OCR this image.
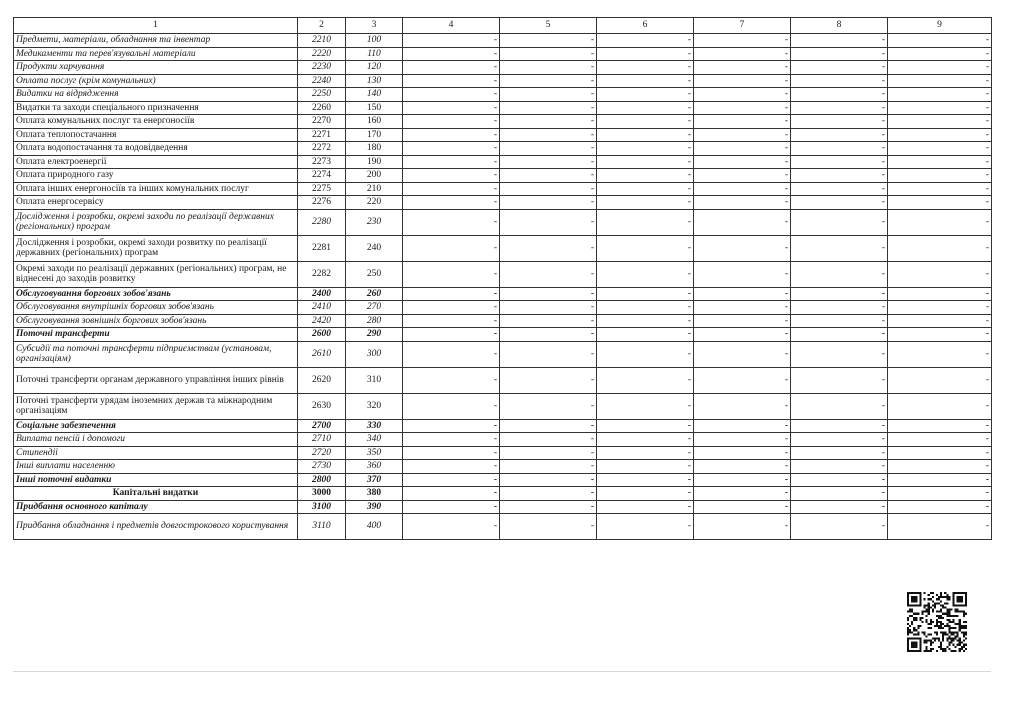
1	2	3	4	5	6	7	8	9
Предмети, матеріали, обладнання та інвентар	2210	100	-	-	-	-	-	-
Медикаменти та перев'язувальні матеріали	2220	110	-	-	-	-	-	-
Продукти харчування	2230	120	-	-	-	-	-	-
Оплата послуг (крім комунальних)	2240	130	-	-	-	-	-	-
Видатки на відрядження	2250	140	-	-	-	-	-	-
Видатки та заходи спеціального призначення	2260	150	-	-	-	-	-	-
Оплата комунальних послуг та енергоносіїв	2270	160	-	-	-	-	-	-
Оплата теплопостачання	2271	170	-	-	-	-	-	-
Оплата водопостачання та водовідведення	2272	180	-	-	-	-	-	-
Оплата електроенергії	2273	190	-	-	-	-	-	-
Оплата природного газу	2274	200	-	-	-	-	-	-
Оплата інших енергоносіїв та інших комунальних послуг	2275	210	-	-	-	-	-	-
Оплата енергосервісу	2276	220	-	-	-	-	-	-
Дослідження і розробки, окремі заходи по реалізації державних (регіональних) програм	2280	230	-	-	-	-	-	-
Дослідження і розробки, окремі заходи розвитку по реалізації державних (регіональних) програм	2281	240	-	-	-	-	-	-
Окремі заходи по реалізації державних (регіональних) програм, не віднесені до заходів розвитку	2282	250	-	-	-	-	-	-
Обслуговування боргових зобов'язань	2400	260	-	-	-	-	-	-
Обслуговування внутрішніх боргових зобов'язань	2410	270	-	-	-	-	-	-
Обслуговування зовнішніх боргових зобов'язань	2420	280	-	-	-	-	-	-
Поточні трансферти	2600	290	-	-	-	-	-	-
Субсидії та поточні трансферти підприємствам (установам, організаціям)	2610	300	-	-	-	-	-	-
Поточні трансферти органам державного управління інших рівнів	2620	310	-	-	-	-	-	-
Поточні трансферти урядам іноземних держав та міжнародним організаціям	2630	320	-	-	-	-	-	-
Соціальне забезпечення	2700	330	-	-	-	-	-	-
Виплата пенсій і допомоги	2710	340	-	-	-	-	-	-
Стипендії	2720	350	-	-	-	-	-	-
Інші виплати населенню	2730	360	-	-	-	-	-	-
Інші поточні видатки	2800	370	-	-	-	-	-	-
Капітальні видатки	3000	380	-	-	-	-	-	-
Придбання основного капіталу	3100	390	-	-	-	-	-	-
Придбання обладнання і предметів довгострокового користування	3110	400	-	-	-	-	-	-
